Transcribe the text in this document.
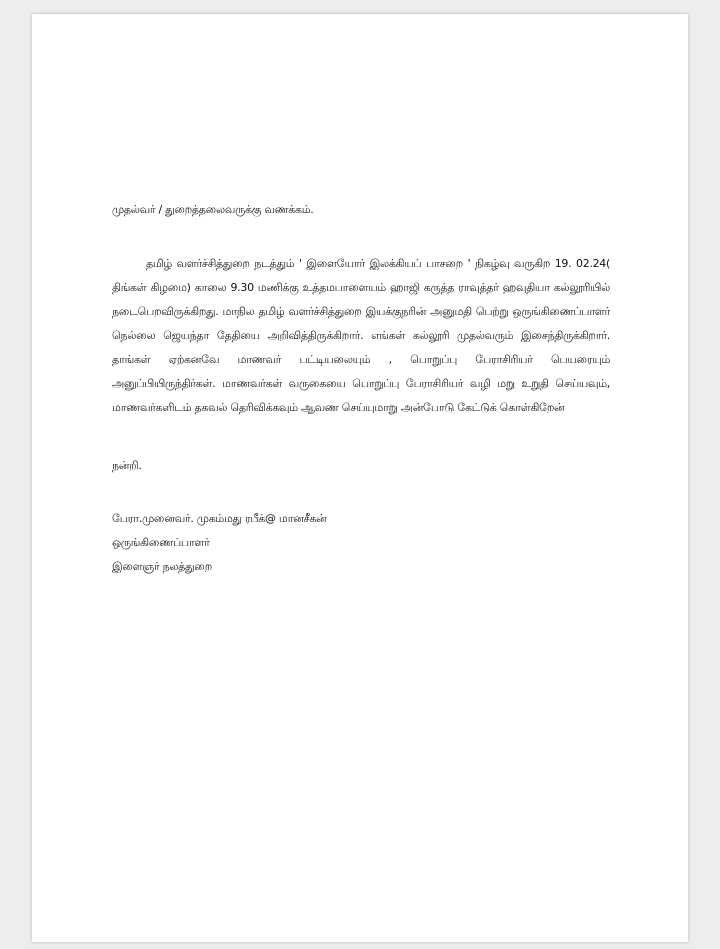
முதல்வர் / துறைத்தலைவருக்கு வணக்கம்.
தமிழ் வளர்ச்சித்துறை நடத்தும் ' இளையோர் இலக்கியப் பாசறை ' நிகழ்வு வருகிற 19. 02.24( திங்கள் கிழமை) காலை 9.30 மணிக்கு உத்தமபாளையம் ஹாஜி கருத்த ராவுத்தர் ஹவுதியா கல்லூரியில் நடைபெறவிருக்கிறது. மாநில தமிழ் வளர்ச்சித்துறை இயக்குநரின் அனுமதி பெற்று ஒருங்கிணைப்பாளர் நெல்லை ஜெயந்தா தேதியை அறிவித்திருக்கிறார். எங்கள் கல்லூரி முதல்வரும் இசைந்திருக்கிறார். தாங்கள் ஏற்கனவே மாணவர் பட்டியலையும் , பொறுப்பு பேராசிரியர் பெயரையும் அனுப்பியிருந்திர்கள். மாணவர்கள் வருகையை பொறுப்பு பேராசிரியர் வழி மறு உறுதி செய்யவும், மாணவர்களிடம் தகவல் தெரிவிக்கவும் ஆவண செய்யுமாறு அன்போடு கேட்டுக் கொள்கிறேன்
நன்றி.
பேரா.முனைவர். முகம்மது ரபீக்@ மானசீகன்
ஒருங்கிணைப்பாளர்
இளைஞர் நலத்துறை
